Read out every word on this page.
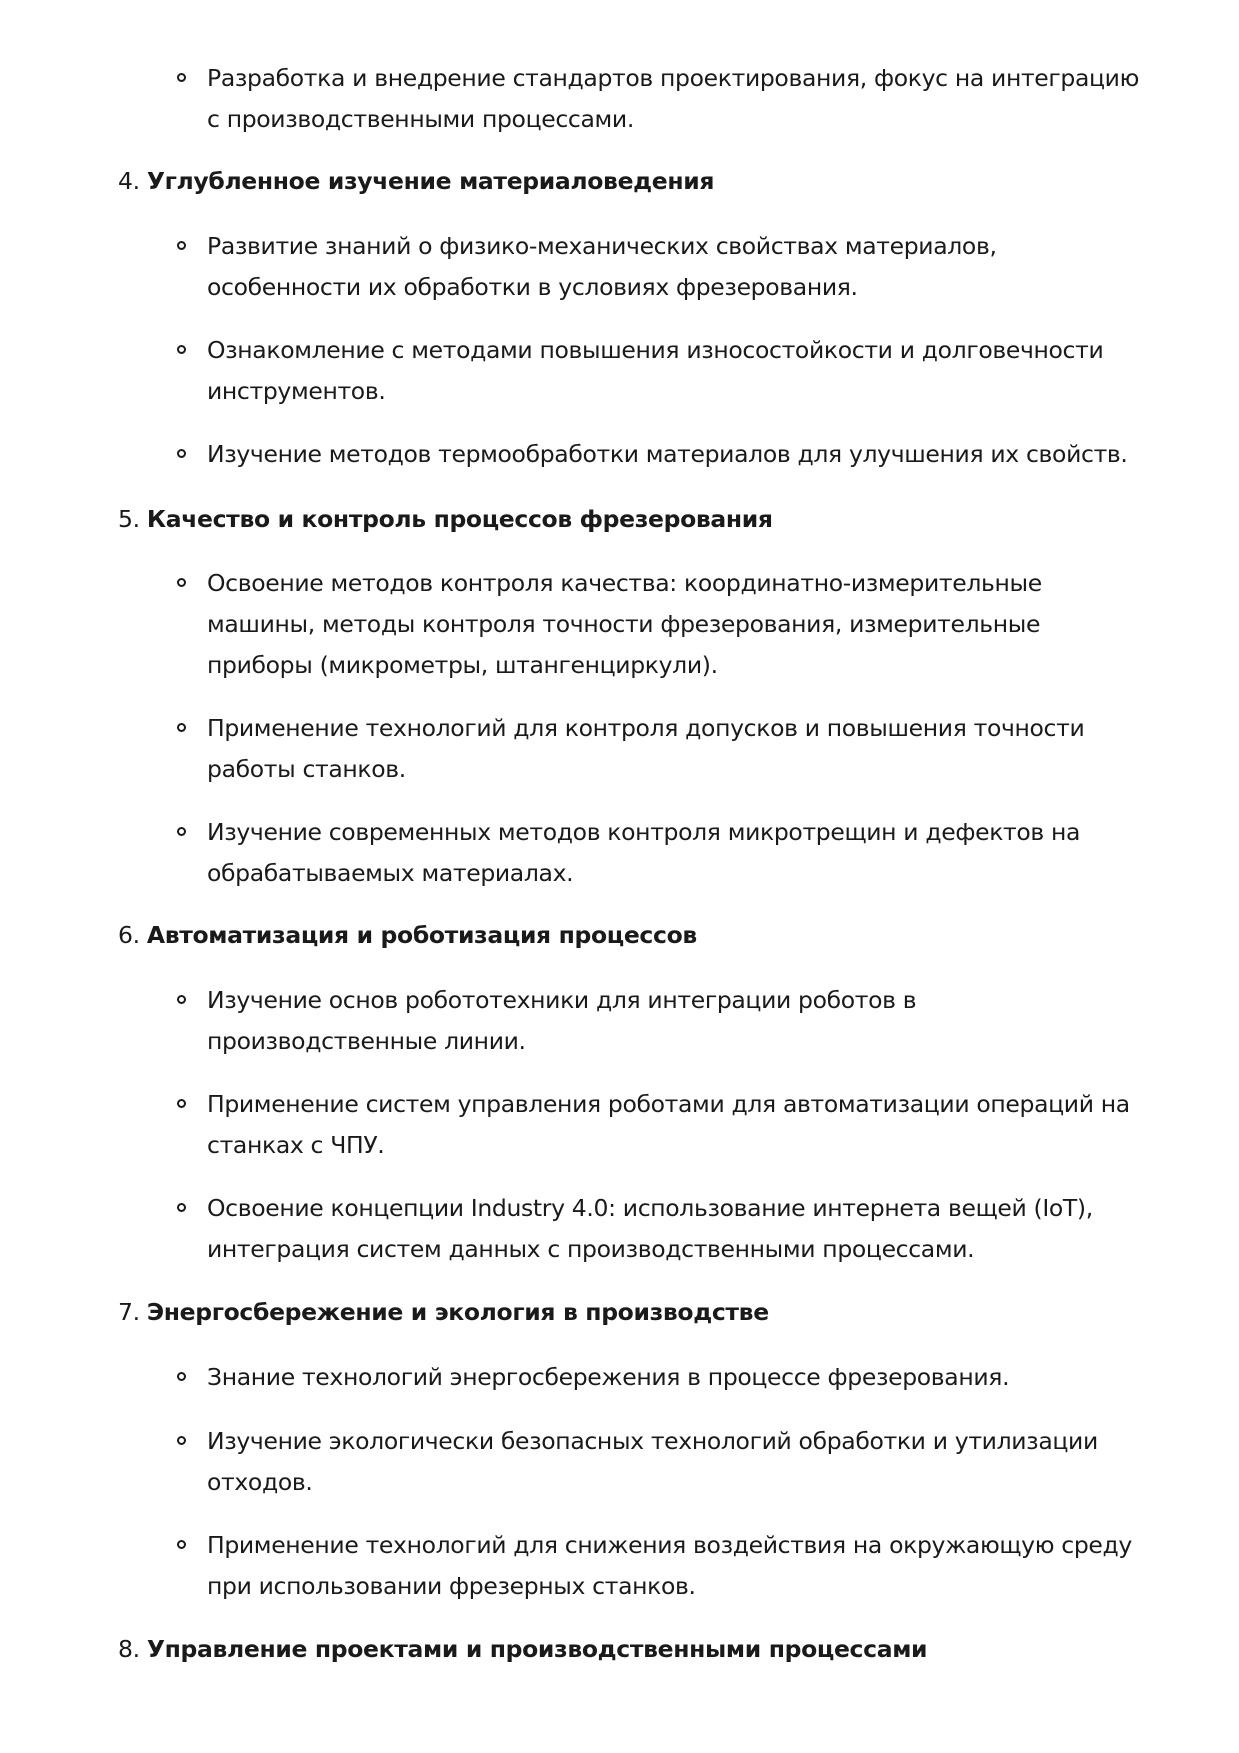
Разработка и внедрение стандартов проектирования, фокус на интеграцию с производственными процессами.
4. Углубленное изучение материаловедения
Развитие знаний о физико-механических свойствах материалов, особенности их обработки в условиях фрезерования.
Ознакомление с методами повышения износостойкости и долговечности инструментов.
Изучение методов термообработки материалов для улучшения их свойств.
5. Качество и контроль процессов фрезерования
Освоение методов контроля качества: координатно-измерительные машины, методы контроля точности фрезерования, измерительные приборы (микрометры, штангенциркули).
Применение технологий для контроля допусков и повышения точности работы станков.
Изучение современных методов контроля микротрещин и дефектов на обрабатываемых материалах.
6. Автоматизация и роботизация процессов
Изучение основ робототехники для интеграции роботов в производственные линии.
Применение систем управления роботами для автоматизации операций на станках с ЧПУ.
Освоение концепции Industry 4.0: использование интернета вещей (IoT), интеграция систем данных с производственными процессами.
7. Энергосбережение и экология в производстве
Знание технологий энергосбережения в процессе фрезерования.
Изучение экологически безопасных технологий обработки и утилизации отходов.
Применение технологий для снижения воздействия на окружающую среду при использовании фрезерных станков.
8. Управление проектами и производственными процессами
